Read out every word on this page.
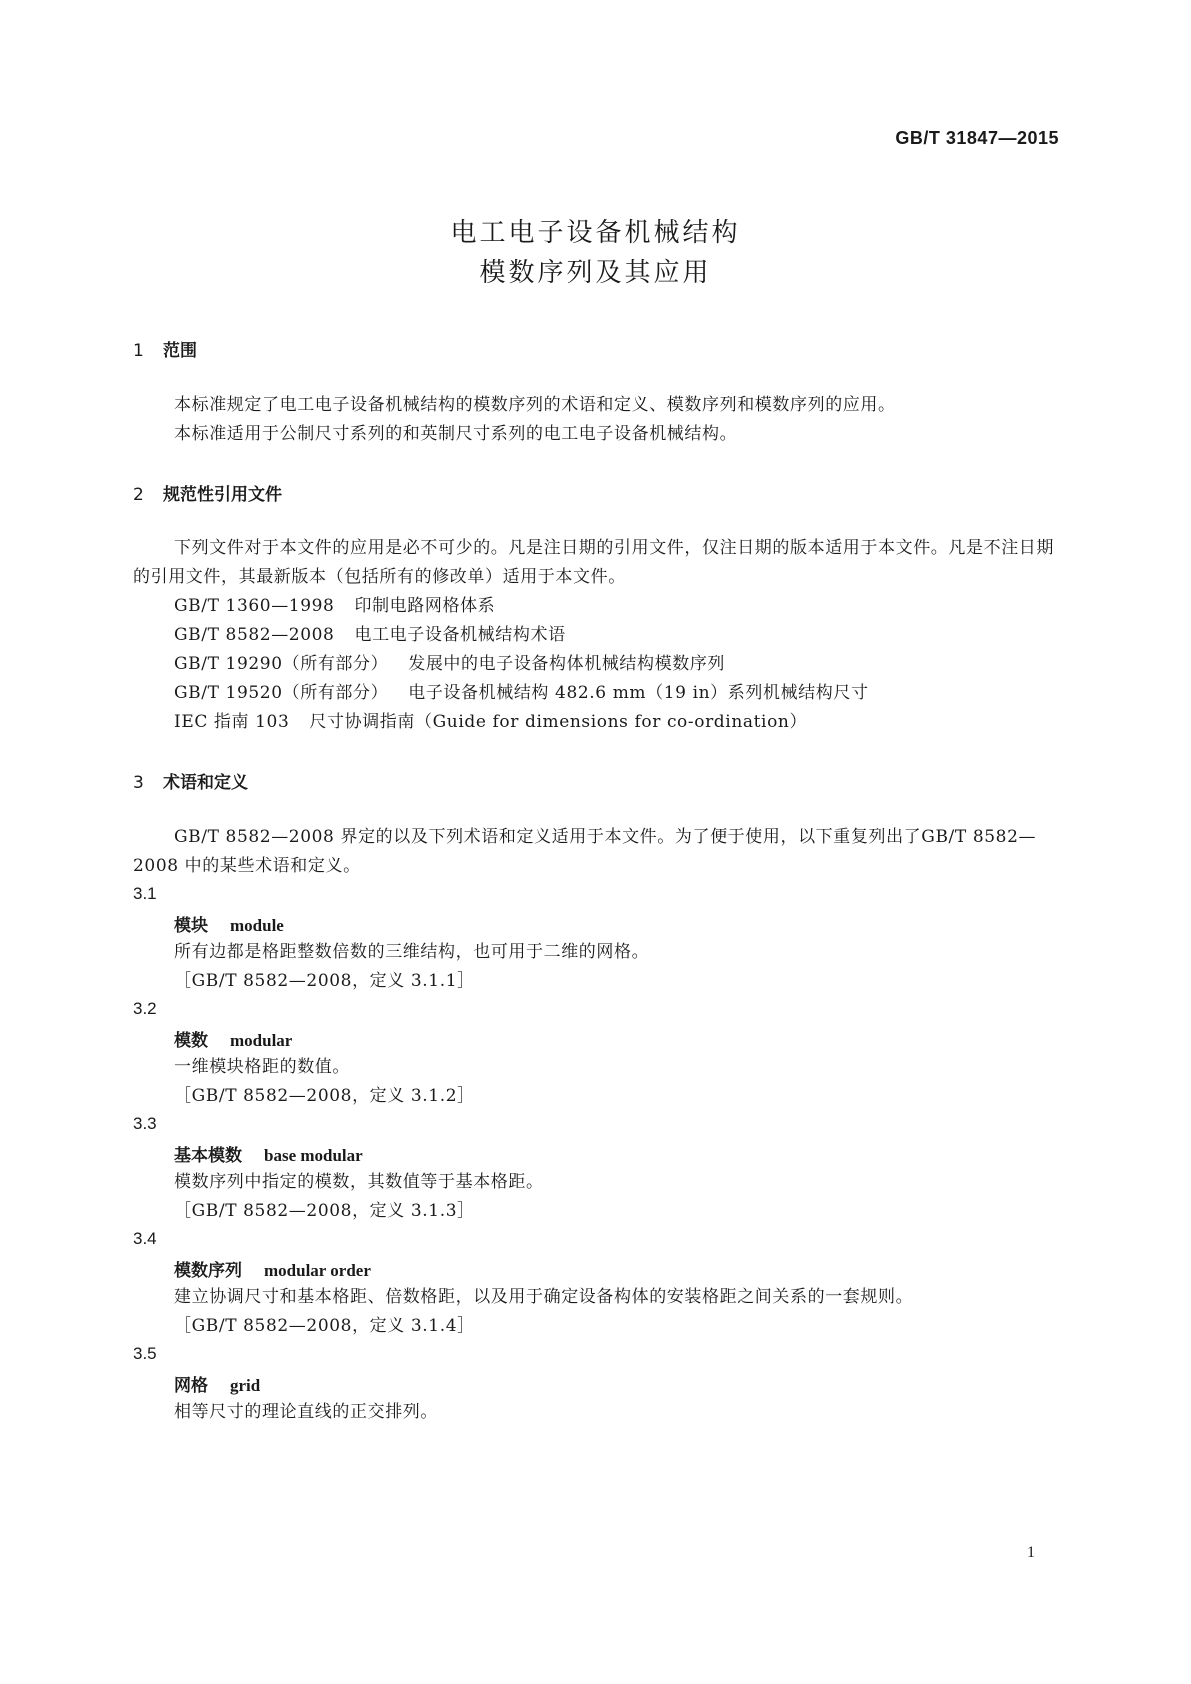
GB/T 31847—2015
电工电子设备机械结构
模数序列及其应用
1 范围
本标准规定了电工电子设备机械结构的模数序列的术语和定义、模数序列和模数序列的应用。
本标准适用于公制尺寸系列的和英制尺寸系列的电工电子设备机械结构。
2 规范性引用文件
下列文件对于本文件的应用是必不可少的。凡是注日期的引用文件，仅注日期的版本适用于本文件。凡是不注日期的引用文件，其最新版本（包括所有的修改单）适用于本文件。
GB/T 1360—1998 印制电路网格体系
GB/T 8582—2008 电工电子设备机械结构术语
GB/T 19290（所有部分） 发展中的电子设备构体机械结构模数序列
GB/T 19520（所有部分） 电子设备机械结构 482.6 mm（19 in）系列机械结构尺寸
IEC 指南 103 尺寸协调指南（Guide for dimensions for co-ordination）
3 术语和定义
GB/T 8582—2008 界定的以及下列术语和定义适用于本文件。为了便于使用，以下重复列出了GB/T 8582—2008 中的某些术语和定义。
3.1
模块 module
所有边都是格距整数倍数的三维结构，也可用于二维的网格。
［GB/T 8582—2008，定义 3.1.1］
3.2
模数 modular
一维模块格距的数值。
［GB/T 8582—2008，定义 3.1.2］
3.3
基本模数 base modular
模数序列中指定的模数，其数值等于基本格距。
［GB/T 8582—2008，定义 3.1.3］
3.4
模数序列 modular order
建立协调尺寸和基本格距、倍数格距，以及用于确定设备构体的安装格距之间关系的一套规则。
［GB/T 8582—2008，定义 3.1.4］
3.5
网格 grid
相等尺寸的理论直线的正交排列。
1
